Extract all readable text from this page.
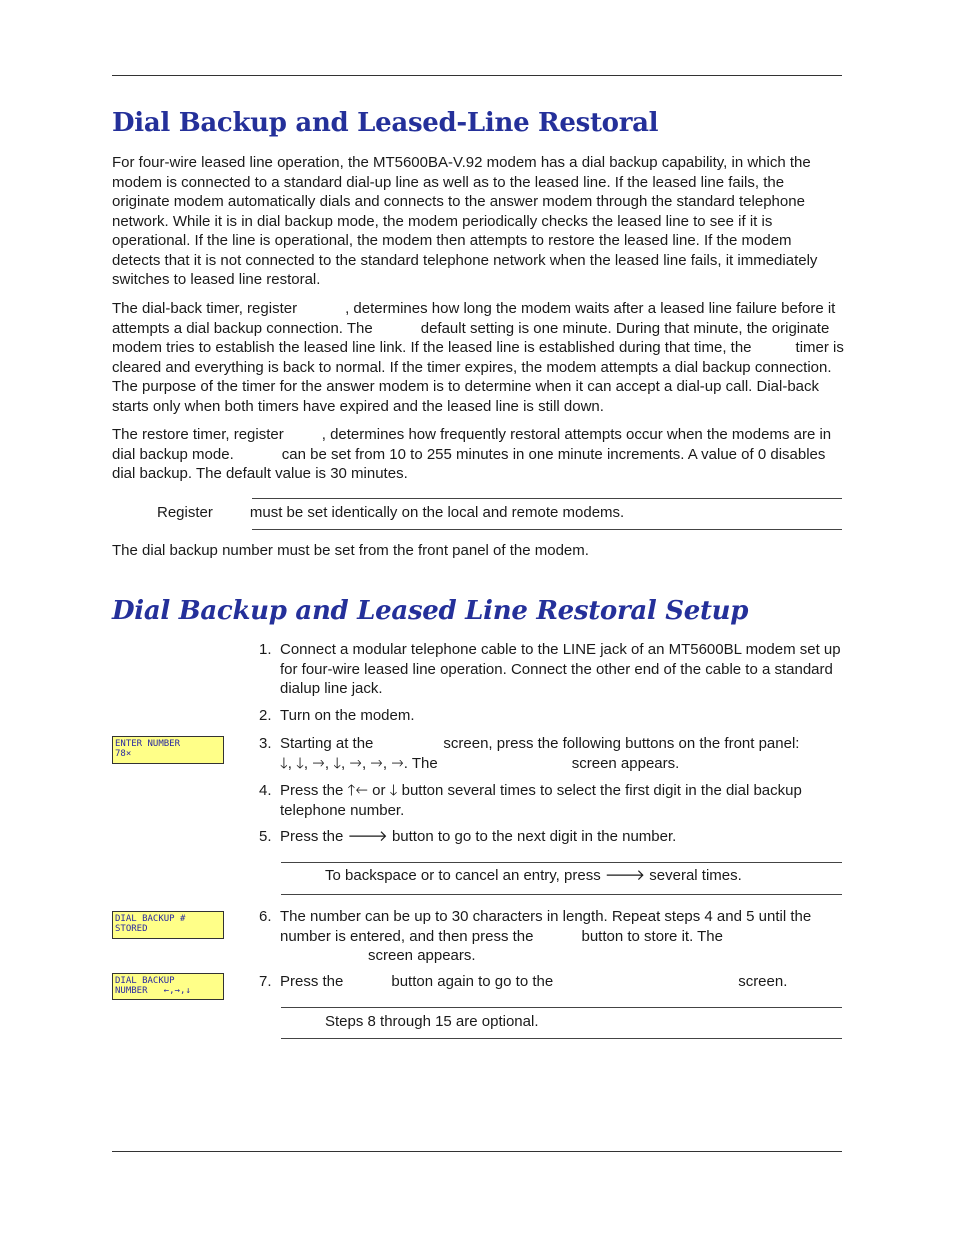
Dial Backup and Leased-Line Restoral

For four-wire leased line operation, the MT5600BA-V.92 modem has a dial backup capability, in which the modem is connected to a standard dial-up line as well as to the leased line. If the leased line fails, the originate modem automatically dials and connects to the answer modem through the standard telephone network. While it is in dial backup mode, the modem periodically checks the leased line to see if it is operational. If the line is operational, the modem then attempts to restore the leased line. If the modem detects that it is not connected to the standard telephone network when the leased line fails, it immediately switches to leased line restoral.

The dial-back timer, register	, determines how long the modem waits after a leased line failure before it attempts a dial backup connection. The	default setting is one minute. During that minute, the originate modem tries to establish the leased line link. If the leased line is established during that time, the	timer is cleared and everything is back to normal. If the timer expires, the modem attempts a dial backup connection. The purpose of the timer for the answer modem is to determine when it can accept a dial-up call. Dial-back starts only when both timers have expired and the leased line is still down.

The restore timer, register	, determines how frequently restoral attempts occur when the modems are in dial backup mode.	can be set from 10 to 255 minutes in one minute increments. A value of 0 disables dial backup. The default value is 30 minutes.

Register must be set identically on the local and remote modems.

The dial backup number must be set from the front panel of the modem.

Dial Backup and Leased Line Restoral Setup
1. Connect a modular telephone cable to the LINE jack of an MT5600BL modem set up for four-wire leased line operation. Connect the other end of the cable to a standard dialup line jack.
2. Turn on the modem.
ENTER NUMBER
78×
3. Starting at the	screen, press the following buttons on the front panel:
🡓, 🡓, 🡒, 🡓, 🡒, 🡒, 🡒. The	screen appears.
4. Press the 🡑🡐 or 🡓 button several times to select the first digit in the dial backup telephone number.
5. Press the 🡒 button to go to the next digit in the number.

To backspace or to cancel an entry, press 🡒 several times.

DIAL BACKUP #
STORED
6. The number can be up to 30 characters in length. Repeat steps 4 and 5 until the number is entered, and then press the	button to store it. The
screen appears.
DIAL BACKUP
NUMBER   ←,→,↓
7. Press the	button again to go to the	screen.

Steps 8 through 15 are optional.
